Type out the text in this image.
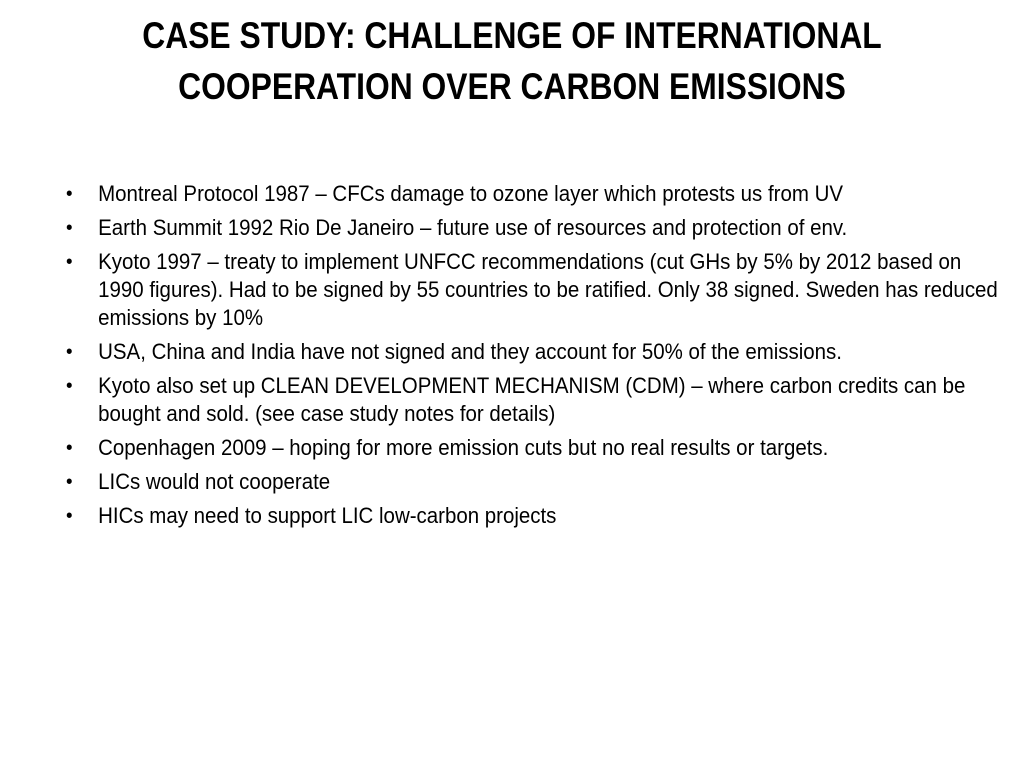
CASE STUDY: CHALLENGE OF INTERNATIONAL
COOPERATION OVER CARBON EMISSIONS
• Montreal Protocol 1987 – CFCs damage to ozone layer which protests us from UV
• Earth Summit 1992 Rio De Janeiro – future use of resources and protection of env.
• Kyoto 1997 – treaty to implement UNFCC recommendations (cut GHs by 5% by 2012 based on 1990 figures). Had to be signed by 55 countries to be ratified. Only 38 signed. Sweden has reduced emissions by 10%
• USA, China and India have not signed and they account for 50% of the emissions.
• Kyoto also set up CLEAN DEVELOPMENT MECHANISM (CDM) – where carbon credits can be bought and sold. (see case study notes for details)
• Copenhagen 2009 – hoping for more emission cuts but no real results or targets.
• LICs would not cooperate
• HICs may need to support LIC low-carbon projects
